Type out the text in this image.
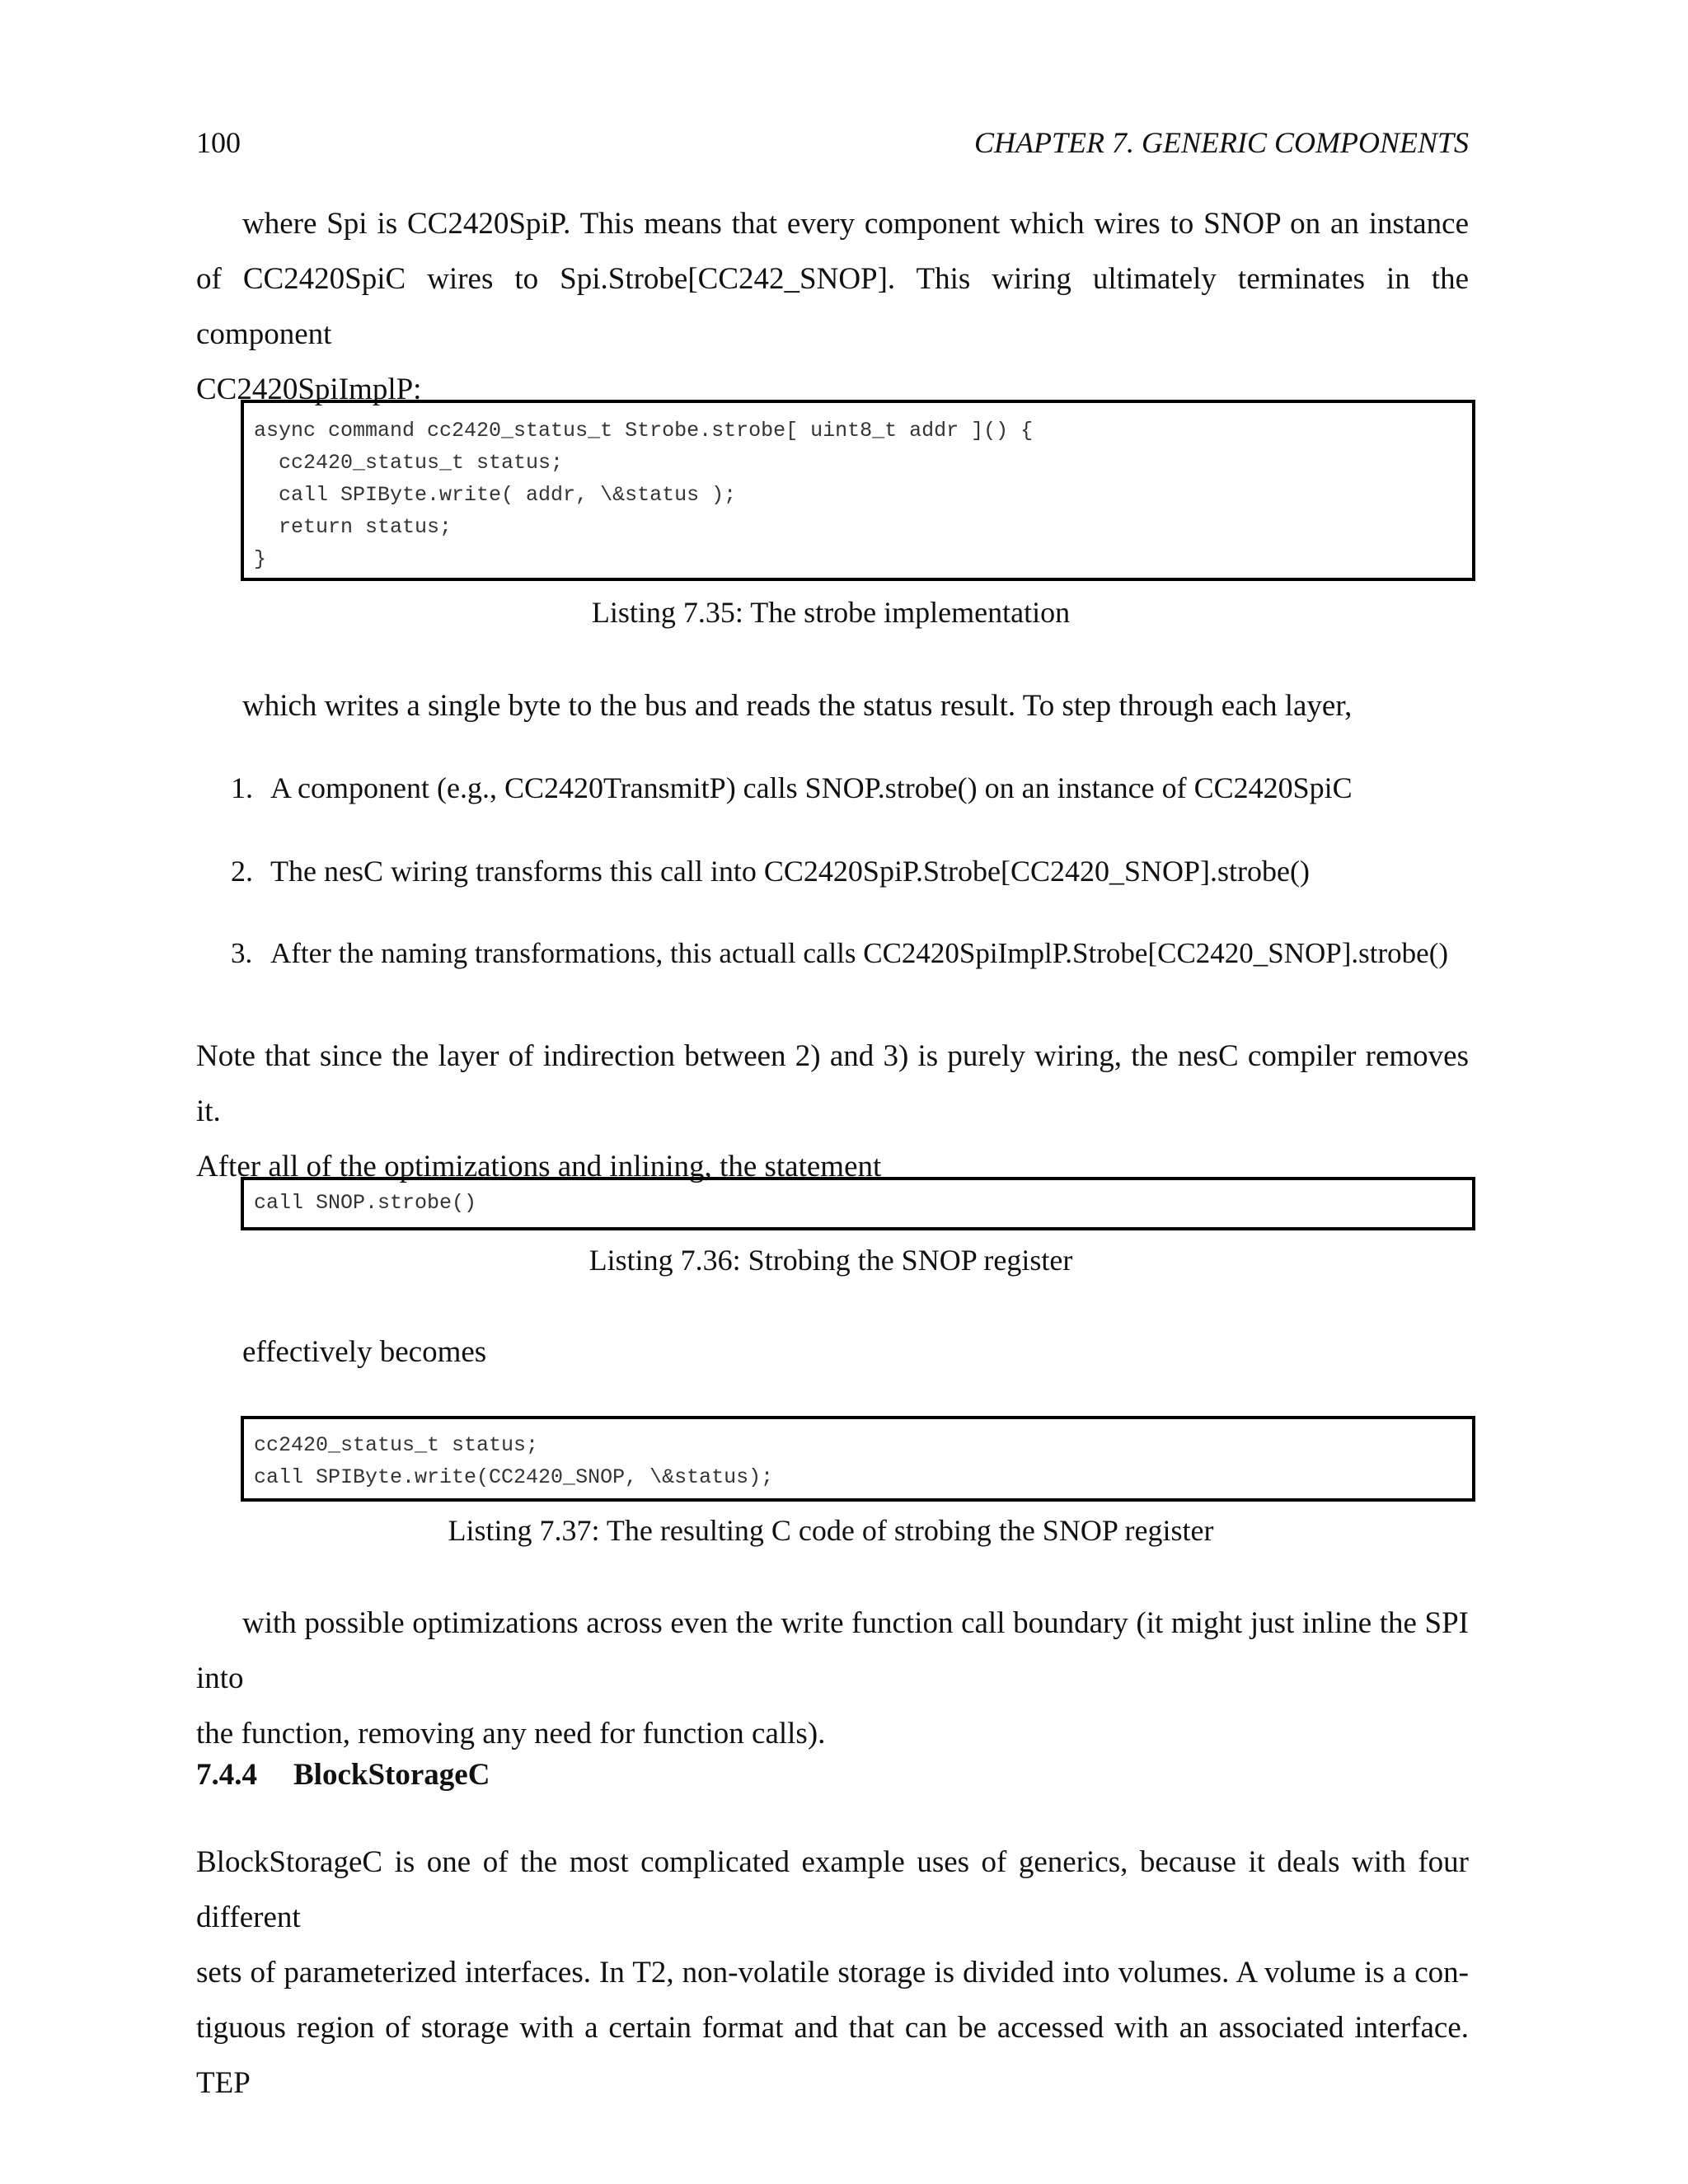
100	CHAPTER 7. GENERIC COMPONENTS
where Spi is CC2420SpiP. This means that every component which wires to SNOP on an instance
of CC2420SpiC wires to Spi.Strobe[CC242_SNOP]. This wiring ultimately terminates in the component
CC2420SpiImplP:
async command cc2420_status_t Strobe.strobe[ uint8_t addr ]() {
cc2420_status_t status;
call SPIByte.write( addr, \&status );
return status;
}
Listing 7.35: The strobe implementation
which writes a single byte to the bus and reads the status result. To step through each layer,
1. A component (e.g., CC2420TransmitP) calls SNOP.strobe() on an instance of CC2420SpiC
2. The nesC wiring transforms this call into CC2420SpiP.Strobe[CC2420_SNOP].strobe()
3. After the naming transformations, this actuall calls CC2420SpiImplP.Strobe[CC2420_SNOP].strobe()
Note that since the layer of indirection between 2) and 3) is purely wiring, the nesC compiler removes it.
After all of the optimizations and inlining, the statement
call SNOP.strobe()
Listing 7.36: Strobing the SNOP register
effectively becomes
cc2420_status_t status;
call SPIByte.write(CC2420_SNOP, \&status);
Listing 7.37: The resulting C code of strobing the SNOP register
with possible optimizations across even the write function call boundary (it might just inline the SPI into
the function, removing any need for function calls).
7.4.4 BlockStorageC
BlockStorageC is one of the most complicated example uses of generics, because it deals with four different
sets of parameterized interfaces. In T2, non-volatile storage is divided into volumes. A volume is a con-
tiguous region of storage with a certain format and that can be accessed with an associated interface. TEP
